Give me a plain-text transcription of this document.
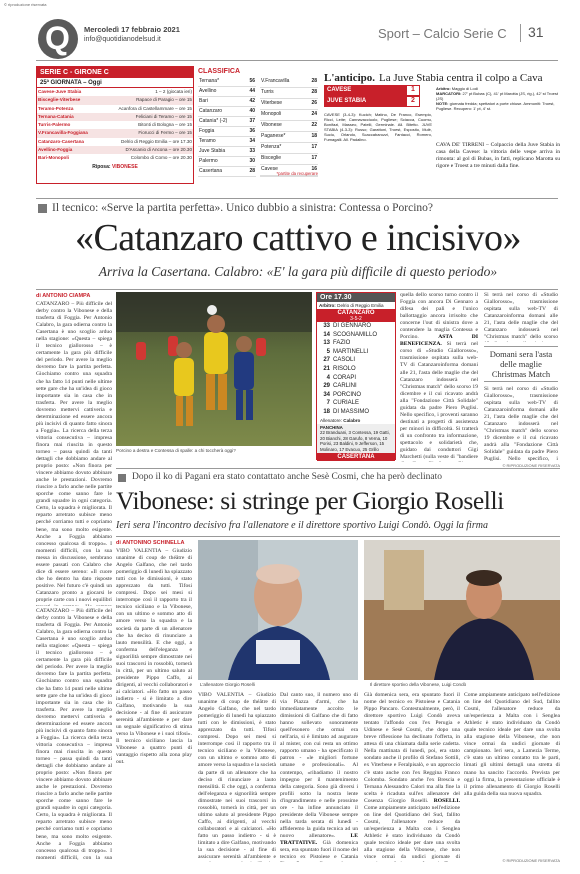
© riproduzione riservata
Q Mercoledì 17 febbraio 2021
info@quotidianodelsud.it	Sport – Calcio Serie C 31
SERIE C - GIRONE C
25ª GIORNATA – Oggi
Cavese-Juve Stabia	1 – 2 (giocata ieri)
Bisceglie-Viterbese	Rapace di Paragio – ore 15
Teramo-Potenza	Acanfora di Castellammare – ore 15
Ternana-Catania	Feliciani di Teramo – ore 15
Turris-Palermo	Bitonti di Bologna – ore 15
V.Francavilla-Foggiana	Fiorucci di Fermo – ore 15
Catanzaro-Casertana	Delrio di Reggio Emilia – ore 17.30
Avellino-Foggia	D'Ascanio di Ancona – ore 20.30
Bari-Monopoli	Colombo di Como – ore 20.30
Riposa: VIBONESE
CLASSIFICA
Ternana*	56
Avellino	44
Bari	42
Catanzaro	40
Catania* (-2)	37
Foggia	36
Teramo	34
Juve Stabia	33
Palermo	30
Casertana	28
V.Francavilla	28
Turris	28
Viterbese	26
Monopoli	24
Vibonese	22
Paganese*	18
Potenza*	17
Bisceglie	17
Cavese	16

*partite da recuperare
L'anticipo. La Juve Stabia centra il colpo a Cava
CAVESE	1
JUVE STABIA	2
CAVESE (3-4-3): Kucich; Matino, De Franco, Esempio, Ricci, Leite; Cannavacciuolo, Pugliese; Sciacca, Cuomu, Bonifazi, Masseo, Patelli, Germinale. All. Bitetto. JUVE STABIA (4-3-3): Russo; Garattoni, Troest, Esposito, Mulè, Suciu, Orlando, Scaccabarozzi, Fantacci, Romero, Fumagalli. All. Padalino.
Arbitro: Maggio di Lodi
MARCATORI: 27' pt Bubas (C), 41' pt Marotta (JS, rig.), 42' st Troest (JS)
NOTE: giornata fredda; spettatori a porte chiuse. Ammoniti: Troest, Pugliese. Recupero: 1' pt, 4' st.
CAVA DE' TIRRENI – Colpaccio della Juve Stabia in casa della Cavese: la vittoria delle vespe arriva in rimonta: al gol di Bubas, in fatti, replicano Marotta su rigore e Troest a tre minuti dalla fine.
Il tecnico: «Serve la partita perfetta». Unico dubbio a sinistra: Contessa o Porcino?
«Catanzaro cattivo e incisivo»
Arriva la Casertana. Calabro: «E' la gara più difficile di questo periodo»
di ANTONIO CIAMPA
CATANZARO – Più difficile del derby contro la Vibonese e della trasferta di Foggia. Per Antonio Calabro, la gara odierna contro la Casertana è uno scoglio arduo nella stagione: «Questa – spiega il tecnico giallorosso – è certamente la gara più difficile del periodo. Per avere la meglio dovremo fare la partita perfetta. Giochiamo contro una squadra che ha fatto 14 punti nelle ultime sette gare che ha un'idea di gioco importante sia in casa che in trasferta. Per avere la meglio dovremo mettervi cattiveria e determinazione ed essere ancora più incisivi di quanto fatto sinora a Foggia». La ricerca della terza vittoria consecutiva – impresa finora mai riuscita in questo torneo – passa quindi da tanti dettagli che dobbiamo andare al proprio posto: «Non finora per vincere abbiamo dovuto abbinare anche le prestazioni. Dovremo riuscire a farlo anche nelle partite sporche come sanno fare le grandi squadre in ogni categoria. Certo, la squadra è migliorata. Il reparto arretrato subisce meno perché corriamo tutti e copriamo bene, ma sono molto esigente. Anche a Foggia abbiamo concesso qualcosa di troppo». I momenti difficili, con la sua messa in discussione, sembrano essere passati con Calabro che dice di essere sereno: «Il cuore che ho dentro ha dato risposte positive. Nel futuro c'è quindi un Catanzaro pronto a giocarsi le proprie carte con i nuovi equilibri
Porcino a destra e Contessa di spalle: a chi toccherà oggi?
Ore 17.30
Arbitro: Delrio di Reggio Emilia
CATANZARO
3-5-2
33 DI GENNARO
14 SCOGNAMILLO
13 FAZIO
5 MARTINELLI
27 CASOLI
21 RISOLO
4 CORAPI
29 CARLINI
34 PORCINO
7 CURIALE
18 DI MASSIMO
Allenatore: Calabro
PANCHINA
22 Branduani, 3 Contessa, 19 Gatti, 20 Bianchi, 28 Garufo, 8 Verna, 10 Porisi, 23 Baldini, 9 Jefferson, 15 Molinaro, 17 Evacuo, 25 Grillo
CASERTANA
quella dello scorso turno contro il Foggia con ancora Di Gennaro a difesa dei pali e l'unico ballottaggio ancora irrisolto che concerne l'out di sinistra dove a contendere la maglia Contessa e Porcino.	ASTA DI BENEFICENZA. Si terrà nel corso di «Studio Giallorosso», trasmissione ospitata sulla web-TV di Catanzaroinforma domani alle 21, l'asta delle maglie che del Catanzaro indosserà nel "Christmas match" dello scorso 19 dicembre e il cui ricavato andrà alla "Fondazione Città Solidale" guidata da padre Piero Puglisi. Nello specifico, i proventi saranno destinati a progetti di assistenza per minori in difficoltà. Si tratterà di un confronto tra informazione, spettacolo e solidarietà che, guidato dai conduttori Gigi Marchetti (sulla veste di "bandiere
Domani sera l'asta delle maglie Christmas Match
Si terrà nel corso di «Studio Giallorosso», trasmissione ospitata sulla web-TV di Catanzaroinforma domani alle 21, l'asta delle maglie che del Catanzaro indosserà nel "Christmas match" dello scorso
Si terrà nel corso di «Studio Giallorosso», trasmissione ospitata sulla web-TV di Catanzaroinforma domani alle 21, l'asta delle maglie che del Catanzaro indosserà nel "Christmas match" dello scorso 19 dicembre e il cui ricavato andrà alla "Fondazione Città Solidale" guidata da padre Piero Puglisi. Nello specifico, i
© RIPRODUZIONE RISERVATA
Dopo il ko di Pagani era stato contattato anche Sesè Cosmi, che ha però declinato
Vibonese: si stringe per Giorgio Roselli
Ieri sera l'incontro decisivo fra l'allenatore e il direttore sportivo Luigi Condò. Oggi la firma
CATANZARO – Più difficile del derby contro la Vibonese e della trasferta di Foggia. Per Antonio Calabro, la gara odierna contro la Casertana è uno scoglio arduo nella stagione: «Questa – spiega il tecnico giallorosso – è certamente la gara più difficile del periodo. Per avere la meglio dovremo fare la partita perfetta. Giochiamo contro una squadra che ha fatto 14 punti nelle ultime sette gare che ha un'idea di gioco importante sia in casa che in trasferta. Per avere la meglio dovremo mettervi cattiveria e determinazione ed essere ancora più incisivi di quanto fatto sinora a Foggia». La ricerca della terza vittoria consecutiva – impresa finora mai riuscita in questo torneo – passa quindi da tanti dettagli che dobbiamo andare al proprio posto: «Non finora per vincere abbiamo dovuto abbinare anche le prestazioni. Dovremo riuscire a farlo anche nelle partite sporche come sanno fare le grandi squadre in ogni categoria. Certo, la squadra è migliorata. Il reparto arretrato subisce meno perché corriamo tutti e copriamo bene, ma sono molto esigente. Anche a Foggia abbiamo concesso qualcosa di troppo». I momenti difficili, con la sua
di ANTONINO SCHINELLA
VIBO VALENTIA – Giudizio unanime di coup de théâtre di Angelo Galfano, che nel tardo pomeriggio di lunedì ha spiazzato tutti con le dimissioni, è stato apprezzato da tutti. Tifosi compresi. Dopo sei mesi si interrompe così il rapporto tra il tecnico siciliano e la Vibonese, con un ultimo e sommo atto di amore verso la squadra e la società da parte di un allenatore che ha deciso di rinunciare a lauto mensilità. E che oggi, a conferma dell'eleganza e signorilità sempre dimostrate nei suoi trascorsi in rossoblù, tornerà in città, per un ultimo saluto al presidente Pippo Caffo, ai dirigenti, al vecchi collaboratori e ai calciatori. «Ho fatto un passo indietro - si è limitato a dire Galfano, motivando la sua decisione - al fine di assicurare serenità all'ambiente e per dare un segnale significativo di stima verso la Vibonese e i suoi tifosi». Il tecnico siciliano lascia la Vibonese a quattro punti di vantaggio rispetto alla zona play out.
L'allenatore Giorgio Roselli	Il direttore sportivo della Vibonese, Luigi Condò
VIBO VALENTIA – Giudizio unanime di coup de théâtre di Angelo Galfano, che nel tardo pomeriggio di lunedì ha spiazzato tutti con le dimissioni, è stato apprezzato da tutti. Tifosi compresi. Dopo sei mesi si interrompe così il rapporto tra il tecnico siciliano e la Vibonese, con un ultimo e sommo atto di amore verso la squadra e la società da parte di un allenatore che ha deciso di rinunciare a lauto mensilità. E che oggi, a conferma dell'eleganza e signorilità sempre dimostrate nei suoi trascorsi in rossoblù, tornerà in città, per un ultimo saluto al presidente Pippo Caffo, ai dirigenti, al vecchi collaboratori e ai calciatori. «Ho fatto un passo indietro - si è limitato a dire Galfano, motivando la sua decisione - al fine di assicurare serenità all'ambiente e
Dal canto suo, il numero uno di via Piazza d'armi, che ha immediatamente accolto le dimissioni di Galfano che di fatto hanno sollevato sonoramente quell'esonero che ormai era nell'aria, si è limitato ad augurare al mister, con cui resta un ottimo rapporto umano - ha specificato il patron - «le migliori fortune umane e professionali». Al contempo, «ribadiamo il nostro impegno per il mantenimento della categoria. Sono già diversi i profili sotto la nostra lente d'ingrandimento e nelle prossime ore - ha infine annunciato il presidente della Vibonese sempre nella tarda serata di lunedì - affideremo la guida tecnica ad un nuovo allenatore».	LE TRATTATIVE. Già domenica sera, era spuntato fuori il nome del tecnico ex Pistoiese e Catania
Già domenica sera, era spuntato fuori il nome del tecnico ex Pistoiese e Catania Pippo Pancaro. Contestualmente, però, il direttore sportivo Luigi Condò aveva tentato l'affondo con l'ex Perugia e Udinese e Sesè Cosmi, che dopo una breve riflessione ha declinato l'offerta, in attesa di una chiamata dalla serie cadetta. Nella mattinata di lunedì, poi, era stato sondato anche il profilo di Stefano Sottili, ex Viterbese e Feralpisalò, e un approccio c'è stato anche con l'ex Reggina Franco Colomba. Sondato anche l'ex Brescia e Ternana Alessandro Calori ma alla fine la scelta è ricaduta sull'ex allenatore del Cosenza Giorgio Roselli. ROSELLI. Come ampiamente anticipato nell'edizione on line del Quotidiano del Sud, fallito Cosmi, l'allenatore reduce da un'esperienza a Malta con i Senglea Athletic è stato individuato da Condò quale tecnico ideale per dare una svolta alla stagione della Vibonese, che non vince ormai da undici giornate di
Come ampiamente anticipato nell'edizione on line del Quotidiano del Sud, fallito Cosmi, l'allenatore reduce da un'esperienza a Malta con i Senglea Athletic è stato individuato da Condò quale tecnico ideale per dare una svolta alla stagione della Vibonese, che non vince ormai da undici giornate di campionato. Ieri sera, a Lamezia Terme, c'è stato un ultimo contatto tra le parti, limati gli ultimi dettagli una stretta di mano ha sancito l'accordo. Prevista per oggi la firma, la presentazione ufficiale è il primo allenamento di Giorgio Roselli alla guida della sua nuova squadra.
© RIPRODUZIONE RISERVATA
